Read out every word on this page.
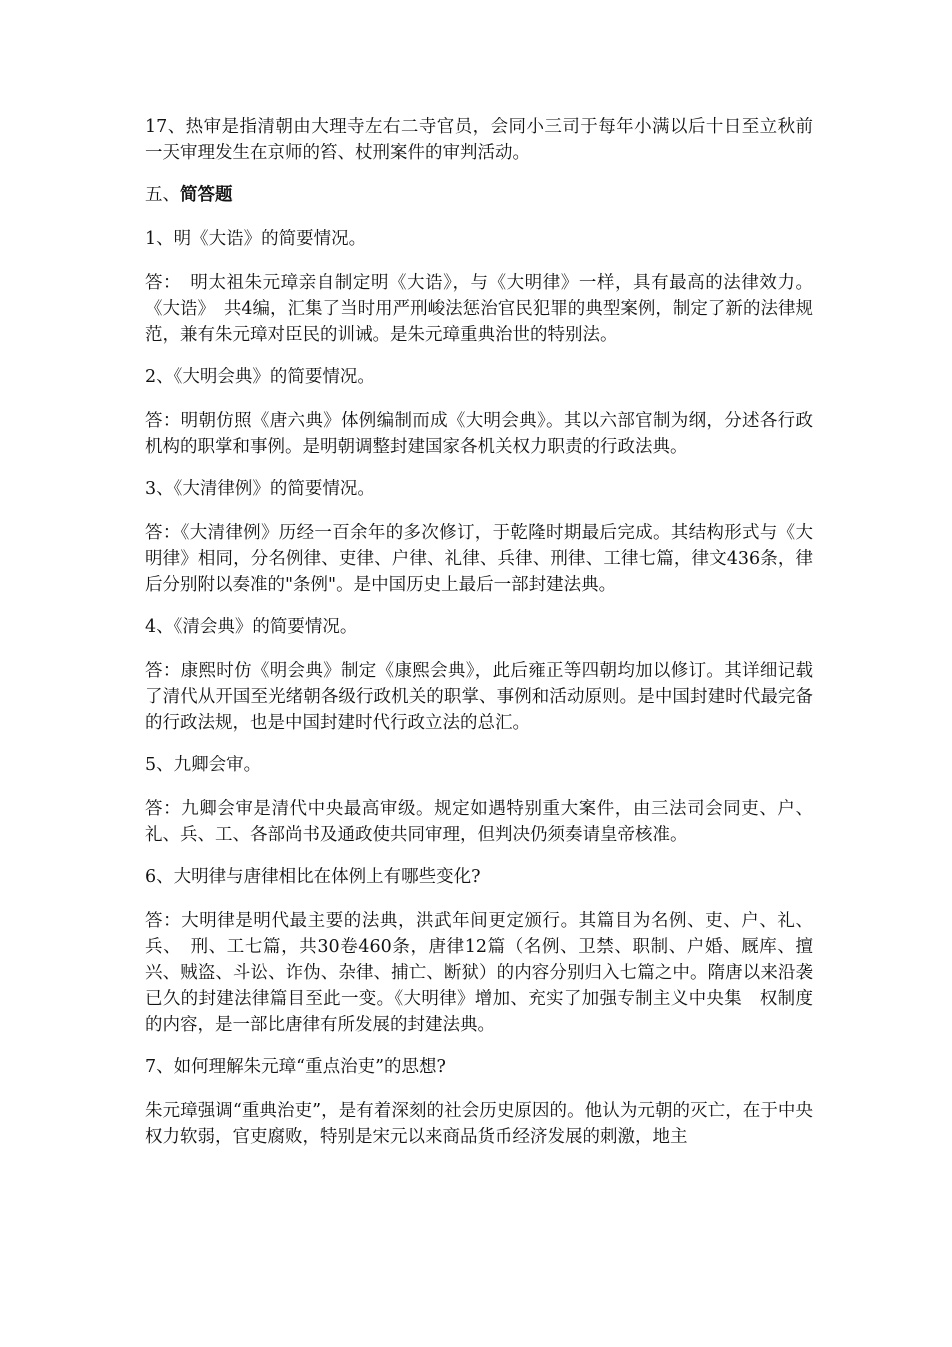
17、热审是指清朝由大理寺左右二寺官员，会同小三司于每年小满以后十日至立秋前一天审理发生在京师的笞、杖刑案件的审判活动。

五、简答题

1、明《大诰》的简要情况。

答：　明太祖朱元璋亲自制定明《大诰》，与《大明律》一样，具有最高的法律效力。《大诰》　共4编，汇集了当时用严刑峻法惩治官民犯罪的典型案例，制定了新的法律规范，兼有朱元璋对臣民的训诫。是朱元璋重典治世的特别法。

2、《大明会典》的简要情况。

答：明朝仿照《唐六典》体例编制而成《大明会典》。其以六部官制为纲，分述各行政机构的职掌和事例。是明朝调整封建国家各机关权力职责的行政法典。

3、《大清律例》的简要情况。

答：《大清律例》历经一百余年的多次修订，于乾隆时期最后完成。其结构形式与《大明律》相同，分名例律、吏律、户律、礼律、兵律、刑律、工律七篇，律文436条，律后分别附以奏准的"条例"。是中国历史上最后一部封建法典。

4、《清会典》的简要情况。

答：康熙时仿《明会典》制定《康熙会典》，此后雍正等四朝均加以修订。其详细记载了清代从开国至光绪朝各级行政机关的职掌、事例和活动原则。是中国封建时代最完备的行政法规，也是中国封建时代行政立法的总汇。

5、九卿会审。

答：九卿会审是清代中央最高审级。规定如遇特别重大案件，由三法司会同吏、户、礼、兵、工、各部尚书及通政使共同审理，但判决仍须奏请皇帝核准。

6、大明律与唐律相比在体例上有哪些变化?

答：大明律是明代最主要的法典，洪武年间更定颁行。其篇目为名例、吏、户、礼、兵、　刑、工七篇，共30卷460条，唐律12篇（名例、卫禁、职制、户婚、厩库、擅兴、贼盗、斗讼、诈伪、杂律、捕亡、断狱）的内容分别归入七篇之中。隋唐以来沿袭已久的封建法律篇目至此一变。《大明律》增加、充实了加强专制主义中央集　权制度的内容，是一部比唐律有所发展的封建法典。

7、如何理解朱元璋“重点治吏”的思想?

朱元璋强调“重典治吏”，是有着深刻的社会历史原因的。他认为元朝的灭亡，在于中央权力软弱，官吏腐败，特别是宋元以来商品货币经济发展的刺激，地主
